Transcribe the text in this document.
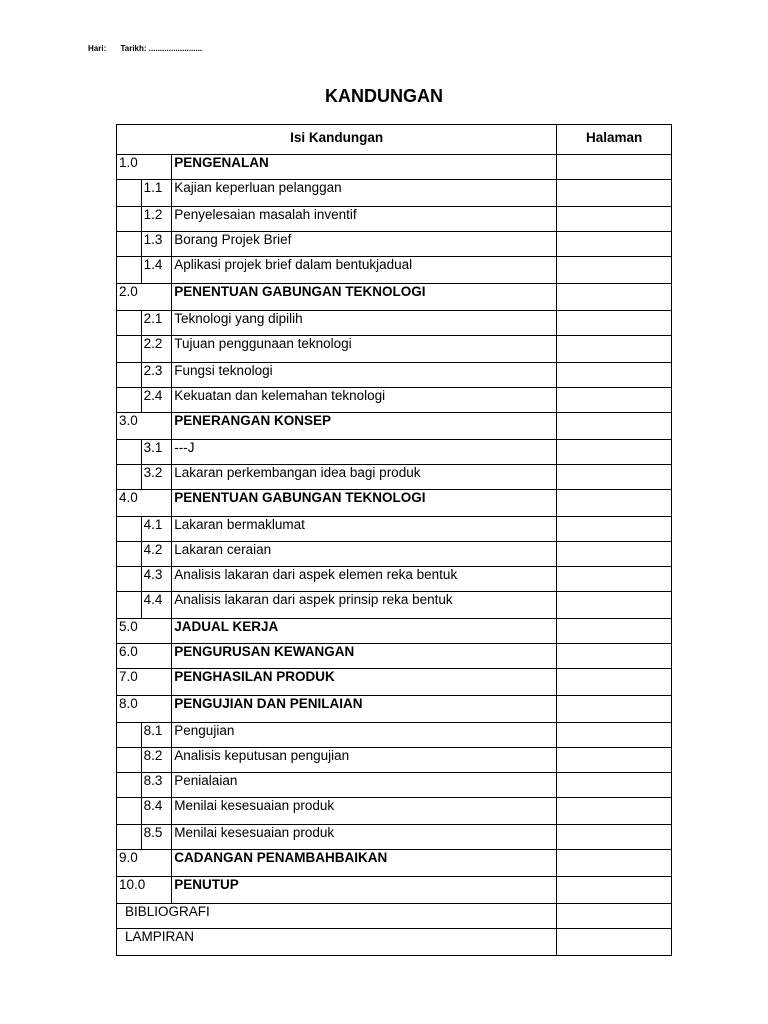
Hari: Tarikh: ........................
KANDUNGAN
Isi Kandungan			Halaman
1.0		PENGENALAN	
	1.1	Kajian keperluan pelanggan	
	1.2	Penyelesaian masalah inventif	
	1.3	Borang Projek Brief	
	1.4	Aplikasi projek brief dalam bentukjadual	
2.0		PENENTUAN GABUNGAN TEKNOLOGI	
	2.1	Teknologi yang dipilih	
	2.2	Tujuan penggunaan teknologi	
	2.3	Fungsi teknologi	
	2.4	Kekuatan dan kelemahan teknologi	
3.0		PENERANGAN KONSEP	
	3.1	---J	
	3.2	Lakaran perkembangan idea bagi produk	
4.0		PENENTUAN GABUNGAN TEKNOLOGI	
	4.1	Lakaran bermaklumat	
	4.2	Lakaran ceraian	
	4.3	Analisis lakaran dari aspek elemen reka bentuk	
	4.4	Analisis lakaran dari aspek prinsip reka bentuk	
5.0		JADUAL KERJA	
6.0		PENGURUSAN KEWANGAN	
7.0		PENGHASILAN PRODUK	
8.0		PENGUJIAN DAN PENILAIAN	
	8.1	Pengujian	
	8.2	Analisis keputusan pengujian	
	8.3	Penialaian	
	8.4	Menilai kesesuaian produk	
	8.5	Menilai kesesuaian produk	
9.0		CADANGAN PENAMBAHBAIKAN	
10.0		PENUTUP	
BIBLIOGRAFI			
LAMPIRAN			
